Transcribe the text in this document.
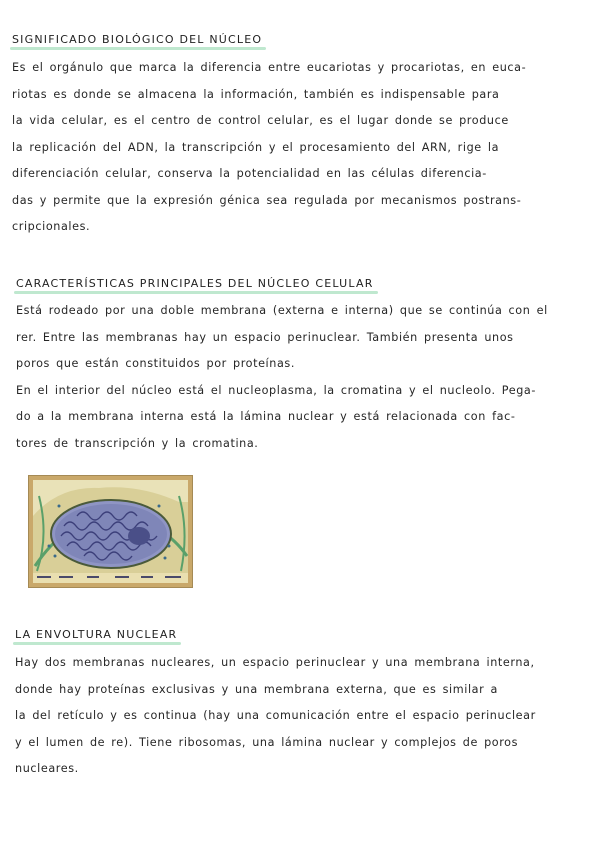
SIGNIFICADO BIOLÓGICO DEL NÚCLEO
Es el orgánulo que marca la diferencia entre eucariotas y procariotas, en euca-
riotas es donde se almacena la información, también es indispensable para
la vida celular, es el centro de control celular, es el lugar donde se produce
la replicación del ADN, la transcripción y el procesamiento del ARN, rige la
diferenciación celular, conserva la potencialidad en las células diferencia-
das y permite que la expresión génica sea regulada por mecanismos postrans-
cripcionales.
CARACTERÍSTICAS PRINCIPALES DEL NÚCLEO CELULAR
Está rodeado por una doble membrana (externa e interna) que se continúa con el
rer. Entre las membranas hay un espacio perinuclear. También presenta unos
poros que están constituidos por proteínas.
En el interior del núcleo está el nucleoplasma, la cromatina y el nucleolo. Pega-
do a la membrana interna está la lámina nuclear y está relacionada con fac-
tores de transcripción y la cromatina.
LA ENVOLTURA NUCLEAR
Hay dos membranas nucleares, un espacio perinuclear y una membrana interna,
donde hay proteínas exclusivas y una membrana externa, que es similar a
la del retículo y es continua (hay una comunicación entre el espacio perinuclear
y el lumen de re). Tiene ribosomas, una lámina nuclear y complejos de poros
nucleares.
